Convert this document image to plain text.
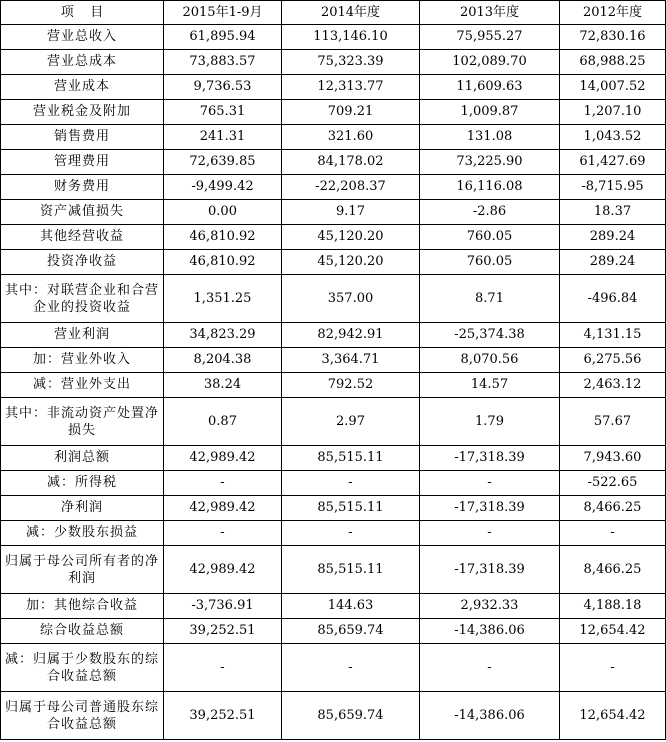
项    目	2015年1-9月	2014年度	2013年度	2012年度
营业总收入	61,895.94	113,146.10	75,955.27	72,830.16
营业总成本	73,883.57	75,323.39	102,089.70	68,988.25
营业成本	9,736.53	12,313.77	11,609.63	14,007.52
营业税金及附加	765.31	709.21	1,009.87	1,207.10
销售费用	241.31	321.60	131.08	1,043.52
管理费用	72,639.85	84,178.02	73,225.90	61,427.69
财务费用	-9,499.42	-22,208.37	16,116.08	-8,715.95
资产减值损失	0.00	9.17	-2.86	18.37
其他经营收益	46,810.92	45,120.20	760.05	289.24
投资净收益	46,810.92	45,120.20	760.05	289.24
其中：对联营企业和合营企业的投资收益	1,351.25	357.00	8.71	-496.84
营业利润	34,823.29	82,942.91	-25,374.38	4,131.15
加：营业外收入	8,204.38	3,364.71	8,070.56	6,275.56
减：营业外支出	38.24	792.52	14.57	2,463.12
其中：非流动资产处置净损失	0.87	2.97	1.79	57.67
利润总额	42,989.42	85,515.11	-17,318.39	7,943.60
减：所得税	-	-	-	-522.65
净利润	42,989.42	85,515.11	-17,318.39	8,466.25
减：少数股东损益	-	-	-	-
归属于母公司所有者的净利润	42,989.42	85,515.11	-17,318.39	8,466.25
加：其他综合收益	-3,736.91	144.63	2,932.33	4,188.18
综合收益总额	39,252.51	85,659.74	-14,386.06	12,654.42
减：归属于少数股东的综合收益总额	-	-	-	-
归属于母公司普通股东综合收益总额	39,252.51	85,659.74	-14,386.06	12,654.42
